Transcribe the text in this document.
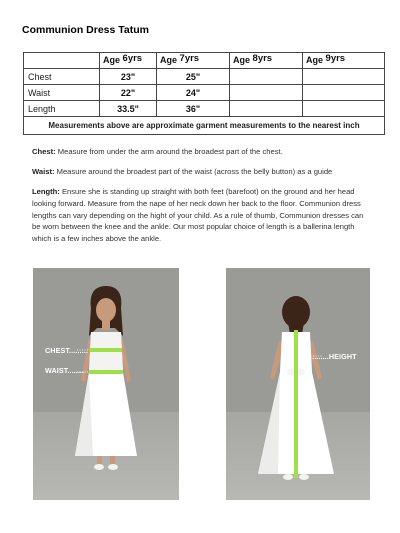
Communion Dress Tatum
	Age 6yrs	Age 7yrs	Age 8yrs	Age 9yrs
Chest	23"	25"		
Waist	22"	24"		
Length	33.5"	36"		
Measurements above are approximate garment measurements to the nearest inch				
Chest: Measure from under the arm around the broadest part of the chest.
Waist: Measure around the broadest part of the waist (across the belly button) as a guide
Length: Ensure she is standing up straight with both feet (barefoot) on the ground and her head looking forward. Measure from the nape of her neck down her back to the floor. Communion dress lengths can vary depending on the hight of your child. As a rule of thumb, Communion dresses can be worn between the knee and the ankle. Our most popular choice of length is a ballerina length which is a few inches above the ankle.
CHEST.........
WAIST........
.........HEIGHT
